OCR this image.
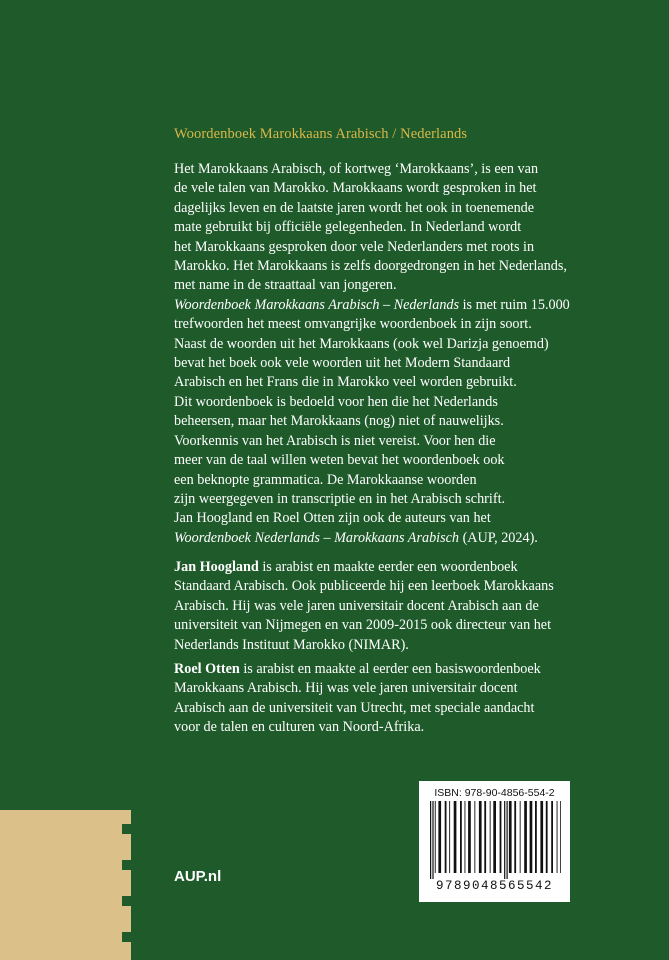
Woordenboek Marokkaans Arabisch / Nederlands
Het Marokkaans Arabisch, of kortweg ‘Marokkaans’, is een van
de vele talen van Marokko. Marokkaans wordt gesproken in het
dagelijks leven en de laatste jaren wordt het ook in toenemende
mate gebruikt bij officiële gelegenheden. In Nederland wordt
het Marokkaans gesproken door vele Nederlanders met roots in
Marokko. Het Marokkaans is zelfs doorgedrongen in het Nederlands,
met name in de straattaal van jongeren.
Woordenboek Marokkaans Arabisch – Nederlands is met ruim 15.000
trefwoorden het meest omvangrijke woordenboek in zijn soort.
Naast de woorden uit het Marokkaans (ook wel Darizja genoemd)
bevat het boek ook vele woorden uit het Modern Standaard
Arabisch en het Frans die in Marokko veel worden gebruikt.
Dit woordenboek is bedoeld voor hen die het Nederlands
beheersen, maar het Marokkaans (nog) niet of nauwelijks.
Voorkennis van het Arabisch is niet vereist. Voor hen die
meer van de taal willen weten bevat het woordenboek ook
een beknopte grammatica. De Marokkaanse woorden
zijn weergegeven in transcriptie en in het Arabisch schrift.
Jan Hoogland en Roel Otten zijn ook de auteurs van het
Woordenboek Nederlands – Marokkaans Arabisch (AUP, 2024).
Jan Hoogland is arabist en maakte eerder een woordenboek
Standaard Arabisch. Ook publiceerde hij een leerboek Marokkaans
Arabisch. Hij was vele jaren universitair docent Arabisch aan de
universiteit van Nijmegen en van 2009-2015 ook directeur van het
Nederlands Instituut Marokko (NIMAR).
Roel Otten is arabist en maakte al eerder een basiswoordenboek
Marokkaans Arabisch. Hij was vele jaren universitair docent
Arabisch aan de universiteit van Utrecht, met speciale aandacht
voor de talen en culturen van Noord-Afrika.
AUP.nl
ISBN: 978-90-4856-554-2
9789048565542
